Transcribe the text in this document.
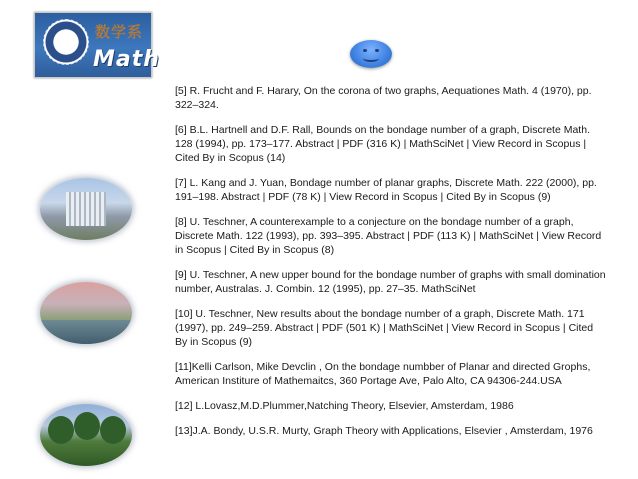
数学系
Math

[5] R. Frucht and F. Harary, On the corona of two graphs, Aequationes Math. 4 (1970), pp. 322–324.

[6] B.L. Hartnell and D.F. Rall, Bounds on the bondage number of a graph, Discrete Math. 128 (1994), pp. 173–177. Abstract | PDF (316 K) | MathSciNet | View Record in Scopus | Cited By in Scopus (14)

[7] L. Kang and J. Yuan, Bondage number of planar graphs, Discrete Math. 222 (2000), pp. 191–198. Abstract | PDF (78 K) | View Record in Scopus | Cited By in Scopus (9)

[8] U. Teschner, A counterexample to a conjecture on the bondage number of a graph, Discrete Math. 122 (1993), pp. 393–395. Abstract | PDF (113 K) | MathSciNet | View Record in Scopus | Cited By in Scopus (8)

[9] U. Teschner, A new upper bound for the bondage number of graphs with small domination number, Australas. J. Combin. 12 (1995), pp. 27–35. MathSciNet

[10] U. Teschner, New results about the bondage number of a graph, Discrete Math. 171 (1997), pp. 249–259. Abstract | PDF (501 K) | MathSciNet | View Record in Scopus | Cited By in Scopus (9)

[11]Kelli Carlson, Mike Devclin , On the bondage numbber of Planar and directed Grophs, American Institure of Mathemaitcs, 360 Portage Ave, Palo Alto, CA 94306-244.USA

[12] L.Lovasz,M.D.Plummer,Natching Theory, Elsevier, Amsterdam, 1986

[13]J.A. Bondy, U.S.R. Murty, Graph Theory with Applications, Elsevier , Amsterdam, 1976
